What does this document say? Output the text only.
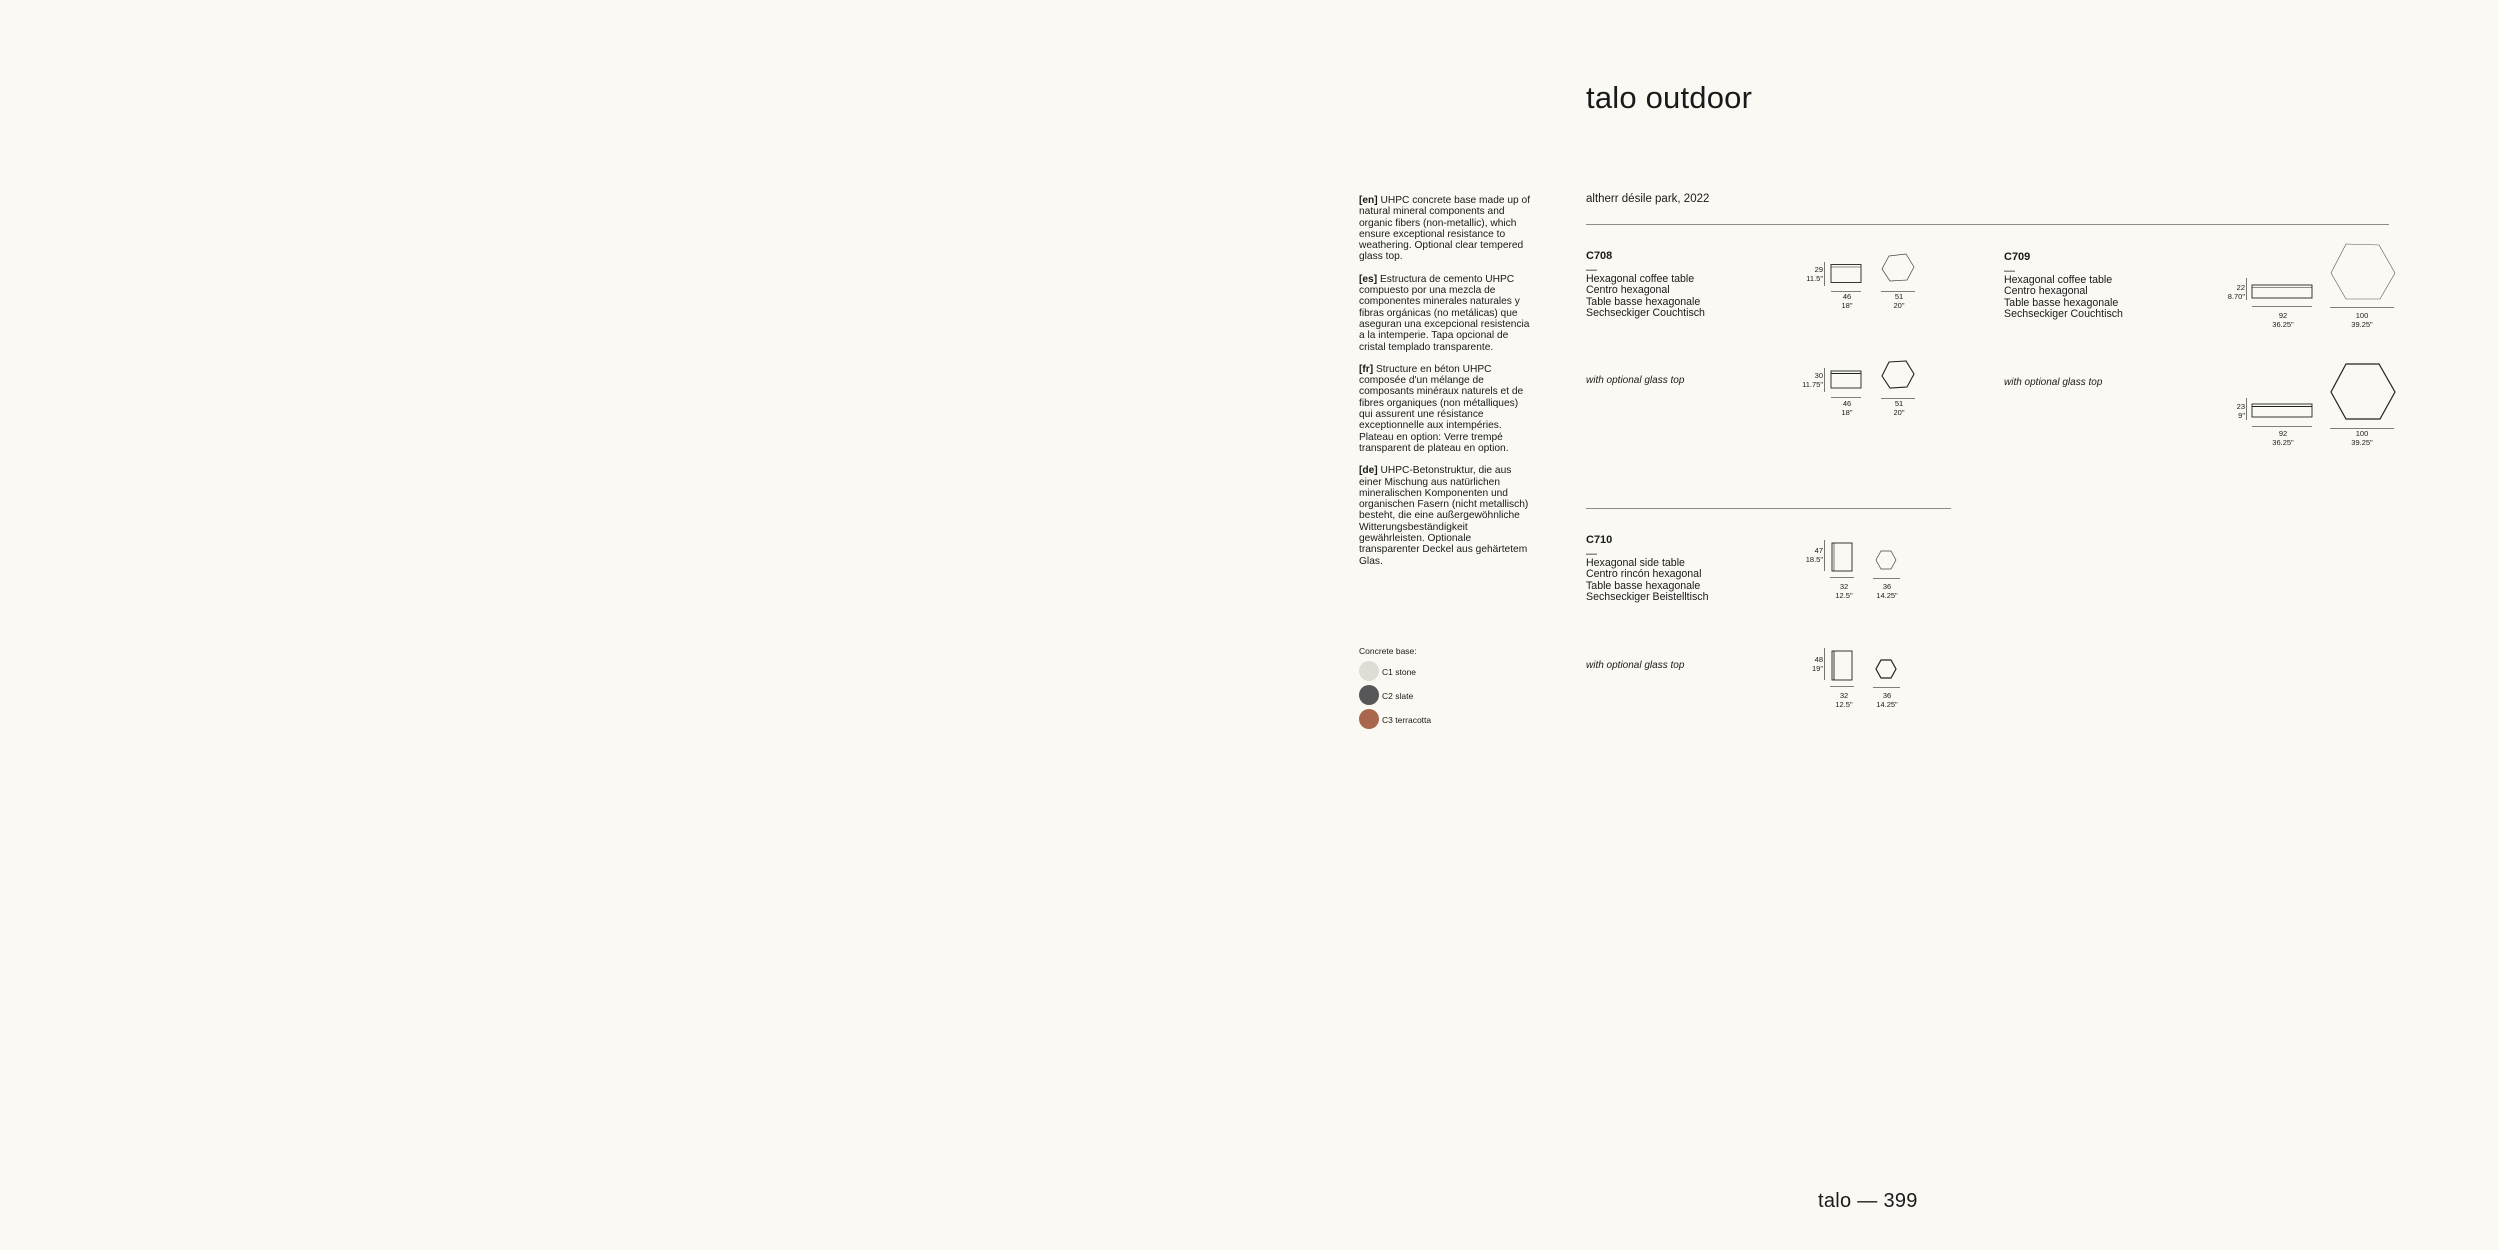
talo outdoor
altherr désile park, 2022

[en] UHPC concrete base made up of natural mineral components and organic fibers (non-metallic), which ensure exceptional resistance to weathering. Optional clear tempered glass top.

[es] Estructura de cemento UHPC compuesto por una mezcla de componentes minerales naturales y fibras orgánicas (no metálicas) que aseguran una excepcional resistencia a la intemperie. Tapa opcional de cristal templado transparente.

[fr] Structure en béton UHPC composée d'un mélange de composants minéraux naturels et de fibres organiques (non métalliques) qui assurent une résistance exceptionnelle aux intempéries. Plateau en option: Verre trempé transparent de plateau en option.

[de] UHPC-Betonstruktur, die aus einer Mischung aus natürlichen mineralischen Komponenten und organischen Fasern (nicht metallisch) besteht, die eine außergewöhnliche Witterungsbeständigkeit gewährleisten. Optionale transparenter Deckel aus gehärtetem Glas.

Concrete base:
C1 stone
C2 slate
C3 terracotta
C708
—
Hexagonal coffee table
Centro hexagonal
Table basse hexagonale
Sechseckiger Couchtisch
29
11.5"
46
18"
51
20"
with optional glass top	30
11.75"
46
18"
51
20"
C709
—
Hexagonal coffee table
Centro hexagonal
Table basse hexagonale
Sechseckiger Couchtisch
22
8.70"
92
36.25"
100
39.25"
with optional glass top
23
9"
92
36.25"
100
39.25"
C710
—
Hexagonal side table
Centro rincón hexagonal
Table basse hexagonale
Sechseckiger Beistelltisch
47
18.5"
32
12.5"
36
14.25"
with optional glass top
48
19"
32
12.5"
36
14.25"
talo — 399
